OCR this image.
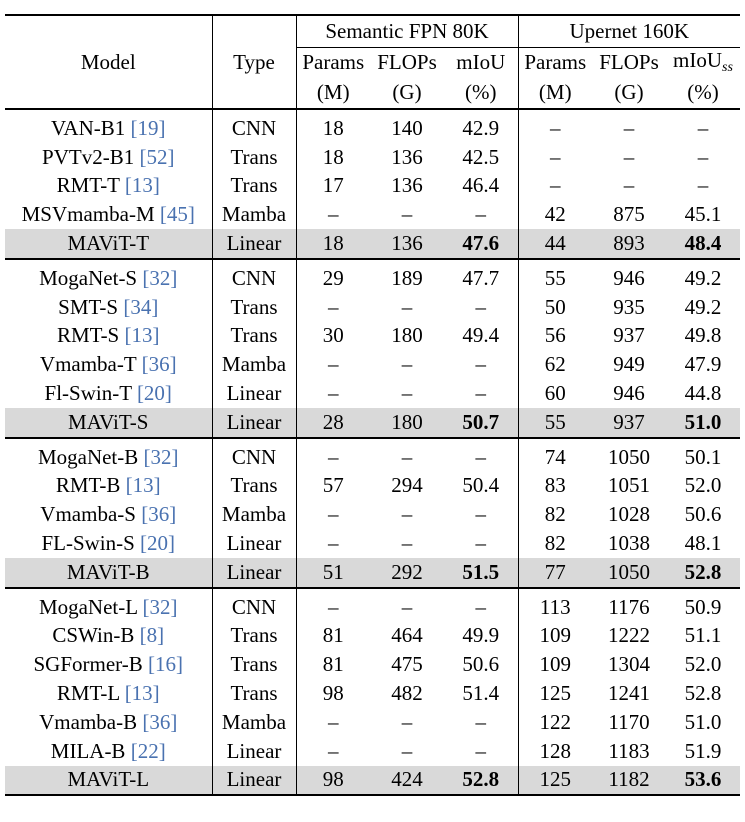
Model	Type	Semantic FPN 80K			Upernet 160K		
		Params	FLOPs	mIoU	Params	FLOPs	mIoU$_{ss}$
		(M)	(G)	(%)	(M)	(G)	(%)
VAN-B1 [19]	CNN	18	140	42.9	–	–	–
PVTv2-B1 [52]	Trans	18	136	42.5	–	–	–
RMT-T [13]	Trans	17	136	46.4	–	–	–
MSVmamba-M [45]	Mamba	–	–	–	42	875	45.1
MAViT-T	Linear	18	136	47.6	44	893	48.4
MogaNet-S [32]	CNN	29	189	47.7	55	946	49.2
SMT-S [34]	Trans	–	–	–	50	935	49.2
RMT-S [13]	Trans	30	180	49.4	56	937	49.8
Vmamba-T [36]	Mamba	–	–	–	62	949	47.9
Fl-Swin-T [20]	Linear	–	–	–	60	946	44.8
MAViT-S	Linear	28	180	50.7	55	937	51.0
MogaNet-B [32]	CNN	–	–	–	74	1050	50.1
RMT-B [13]	Trans	57	294	50.4	83	1051	52.0
Vmamba-S [36]	Mamba	–	–	–	82	1028	50.6
FL-Swin-S [20]	Linear	–	–	–	82	1038	48.1
MAViT-B	Linear	51	292	51.5	77	1050	52.8
MogaNet-L [32]	CNN	–	–	–	113	1176	50.9
CSWin-B [8]	Trans	81	464	49.9	109	1222	51.1
SGFormer-B [16]	Trans	81	475	50.6	109	1304	52.0
RMT-L [13]	Trans	98	482	51.4	125	1241	52.8
Vmamba-B [36]	Mamba	–	–	–	122	1170	51.0
MILA-B [22]	Linear	–	–	–	128	1183	51.9
MAViT-L	Linear	98	424	52.8	125	1182	53.6
